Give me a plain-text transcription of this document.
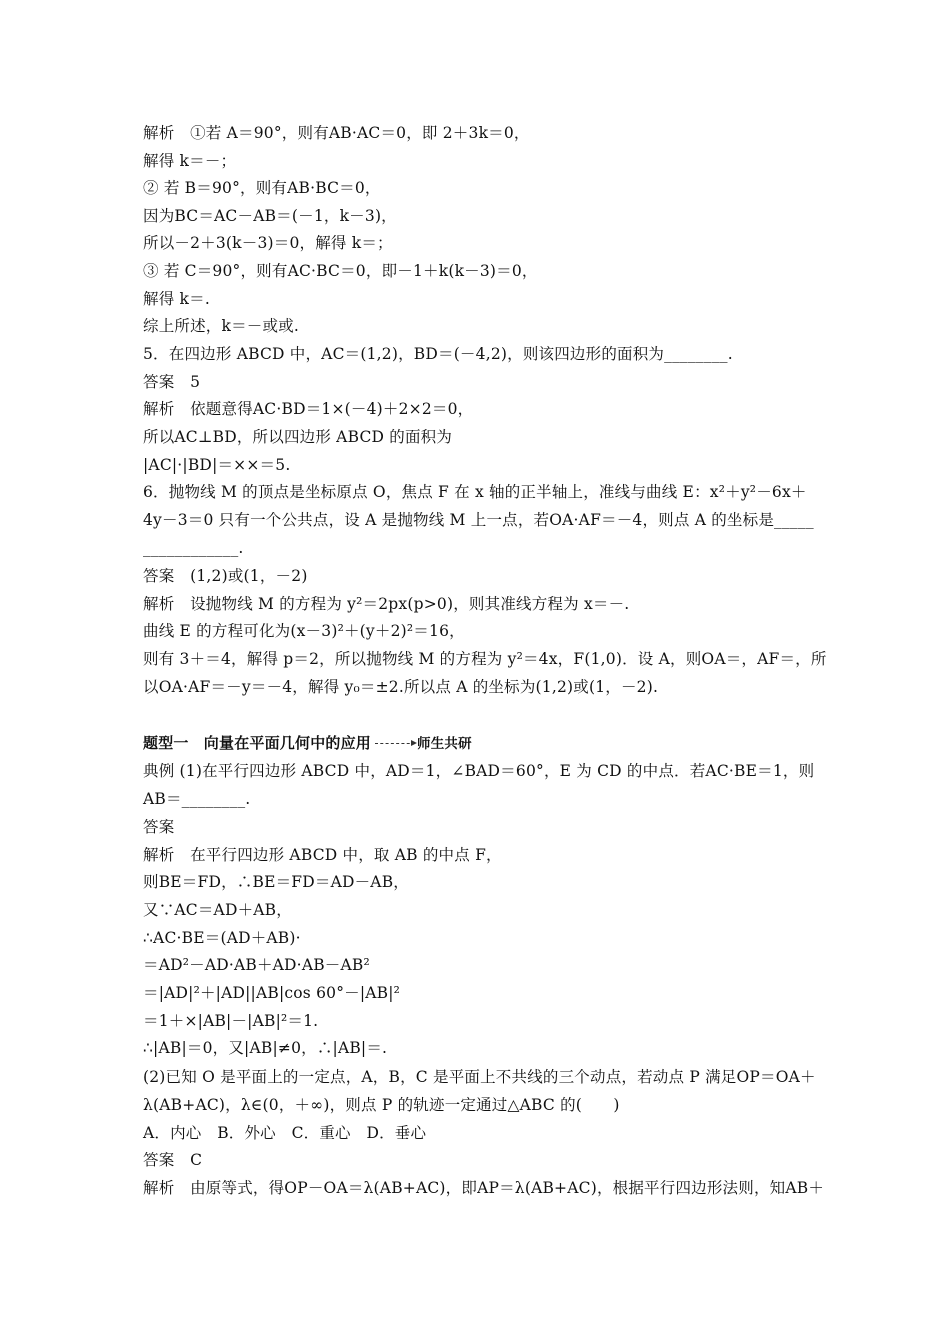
解析　①若 A＝90°，则有AB·AC＝0，即 2＋3k＝0，
解得 k＝－；
② 若 B＝90°，则有AB·BC＝0，
因为BC＝AC－AB＝(－1，k－3)，
所以－2＋3(k－3)＝0，解得 k＝；
③ 若 C＝90°，则有AC·BC＝0，即－1＋k(k－3)＝0，
解得 k＝.
综上所述，k＝－或或.
5．在四边形 ABCD 中，AC＝(1,2)，BD＝(－4,2)，则该四边形的面积为________.
答案　5
解析　依题意得AC·BD＝1×(－4)＋2×2＝0，
所以AC⊥BD，所以四边形 ABCD 的面积为
|AC|·|BD|＝××＝5.
6．抛物线 M 的顶点是坐标原点 O，焦点 F 在 x 轴的正半轴上，准线与曲线 E：x²＋y²－6x＋
4y－3＝0 只有一个公共点，设 A 是抛物线 M 上一点，若OA·AF＝－4，则点 A 的坐标是_____
____________.
答案　(1,2)或(1，－2)
解析　设抛物线 M 的方程为 y²＝2px(p>0)，则其准线方程为 x＝－.
曲线 E 的方程可化为(x－3)²＋(y＋2)²＝16，
则有 3＋＝4，解得 p＝2，所以抛物线 M 的方程为 y²＝4x，F(1,0)．设 A，则OA＝，AF＝，所
以OA·AF＝－y＝－4，解得 y₀＝±2.所以点 A 的坐标为(1,2)或(1，－2).
题型一　向量在平面几何中的应用	师生共研
典例 (1)在平行四边形 ABCD 中，AD＝1，∠BAD＝60°，E 为 CD 的中点．若AC·BE＝1，则
AB＝________.
答案
解析　在平行四边形 ABCD 中，取 AB 的中点 F，
则BE＝FD，∴BE＝FD＝AD－AB，
又∵AC＝AD＋AB，
∴AC·BE＝(AD＋AB)·
＝AD²－AD·AB＋AD·AB－AB²
＝|AD|²＋|AD||AB|cos 60°－|AB|²
＝1＋×|AB|－|AB|²＝1.
∴|AB|＝0，又|AB|≠0，∴|AB|＝.
(2)已知 O 是平面上的一定点，A，B，C 是平面上不共线的三个动点，若动点 P 满足OP＝OA＋
λ(AB+AC)，λ∈(0，＋∞)，则点 P 的轨迹一定通过△ABC 的(　　)
A．内心　B．外心　C．重心　D．垂心
答案　C
解析　由原等式，得OP－OA＝λ(AB+AC)，即AP＝λ(AB+AC)，根据平行四边形法则，知AB＋
